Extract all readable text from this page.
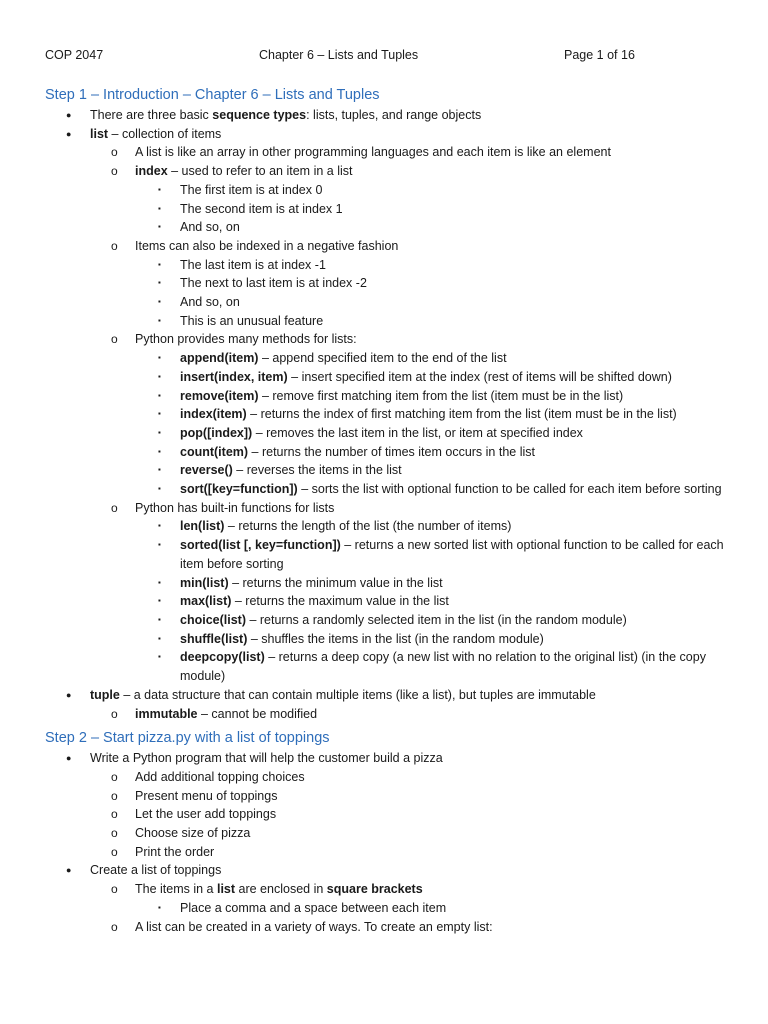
COP 2047	Chapter 6 – Lists and Tuples	Page 1 of 16
Step 1 – Introduction – Chapter 6 – Lists and Tuples
● There are three basic sequence types: lists, tuples, and range objects
● list – collection of items
o A list is like an array in other programming languages and each item is like an element
o index – used to refer to an item in a list
▪ The first item is at index 0
▪ The second item is at index 1
▪ And so, on
o Items can also be indexed in a negative fashion
▪ The last item is at index -1
▪ The next to last item is at index -2
▪ And so, on
▪ This is an unusual feature
o Python provides many methods for lists:
▪ append(item) – append specified item to the end of the list
▪ insert(index, item) – insert specified item at the index (rest of items will be shifted down)
▪ remove(item) – remove first matching item from the list (item must be in the list)
▪ index(item) – returns the index of first matching item from the list (item must be in the list)
▪ pop([index]) – removes the last item in the list, or item at specified index
▪ count(item) – returns the number of times item occurs in the list
▪ reverse() – reverses the items in the list
▪ sort([key=function]) – sorts the list with optional function to be called for each item before sorting
o Python has built-in functions for lists
▪ len(list) – returns the length of the list (the number of items)
▪ sorted(list [, key=function]) – returns a new sorted list with optional function to be called for each item before sorting
▪ min(list) – returns the minimum value in the list
▪ max(list) – returns the maximum value in the list
▪ choice(list) – returns a randomly selected item in the list (in the random module)
▪ shuffle(list) – shuffles the items in the list (in the random module)
▪ deepcopy(list) – returns a deep copy (a new list with no relation to the original list) (in the copy module)
● tuple – a data structure that can contain multiple items (like a list), but tuples are immutable
o immutable – cannot be modified
Step 2 – Start pizza.py with a list of toppings
● Write a Python program that will help the customer build a pizza
o Add additional topping choices
o Present menu of toppings
o Let the user add toppings
o Choose size of pizza
o Print the order
● Create a list of toppings
o The items in a list are enclosed in square brackets
▪ Place a comma and a space between each item
o A list can be created in a variety of ways. To create an empty list:
